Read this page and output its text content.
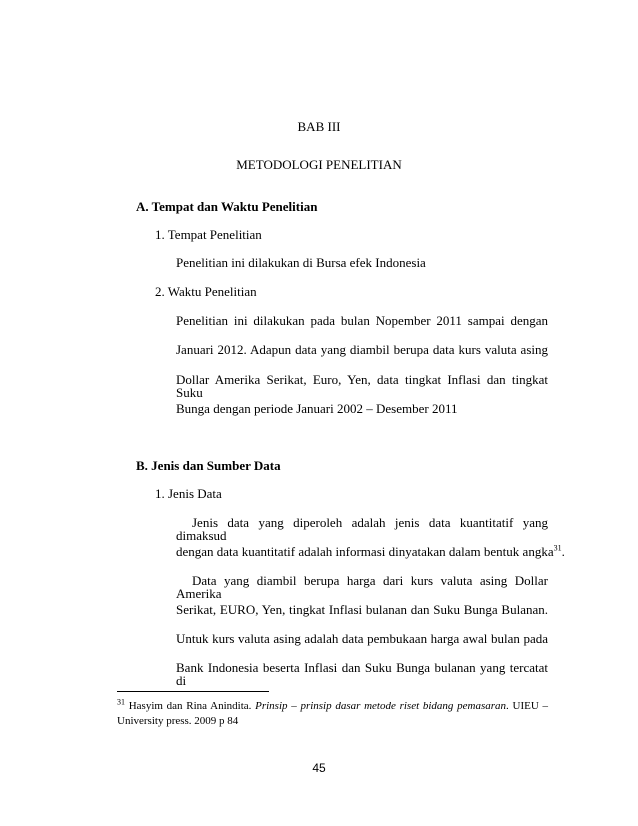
BAB III
METODOLOGI PENELITIAN
A. Tempat dan Waktu Penelitian
1. Tempat Penelitian
Penelitian ini dilakukan di Bursa efek Indonesia
2. Waktu Penelitian
Penelitian ini dilakukan pada bulan Nopember 2011 sampai dengan
Januari 2012. Adapun data yang diambil berupa data kurs valuta asing
Dollar Amerika Serikat, Euro, Yen, data tingkat Inflasi dan tingkat Suku
Bunga dengan periode Januari 2002 – Desember 2011
B. Jenis dan Sumber Data
1. Jenis Data
Jenis data yang diperoleh adalah jenis data kuantitatif yang dimaksud
dengan data kuantitatif adalah informasi dinyatakan dalam bentuk angka$^{31}$.
Data yang diambil berupa harga dari kurs valuta asing Dollar Amerika
Serikat, EURO, Yen, tingkat Inflasi bulanan dan Suku Bunga Bulanan.
Untuk kurs valuta asing adalah data pembukaan harga awal bulan pada
Bank Indonesia beserta Inflasi dan Suku Bunga bulanan yang tercatat di
$^{31}$ Hasyim dan Rina Anindita. Prinsip – prinsip dasar metode riset bidang pemasaran. UIEU –
University press. 2009 p 84
45
